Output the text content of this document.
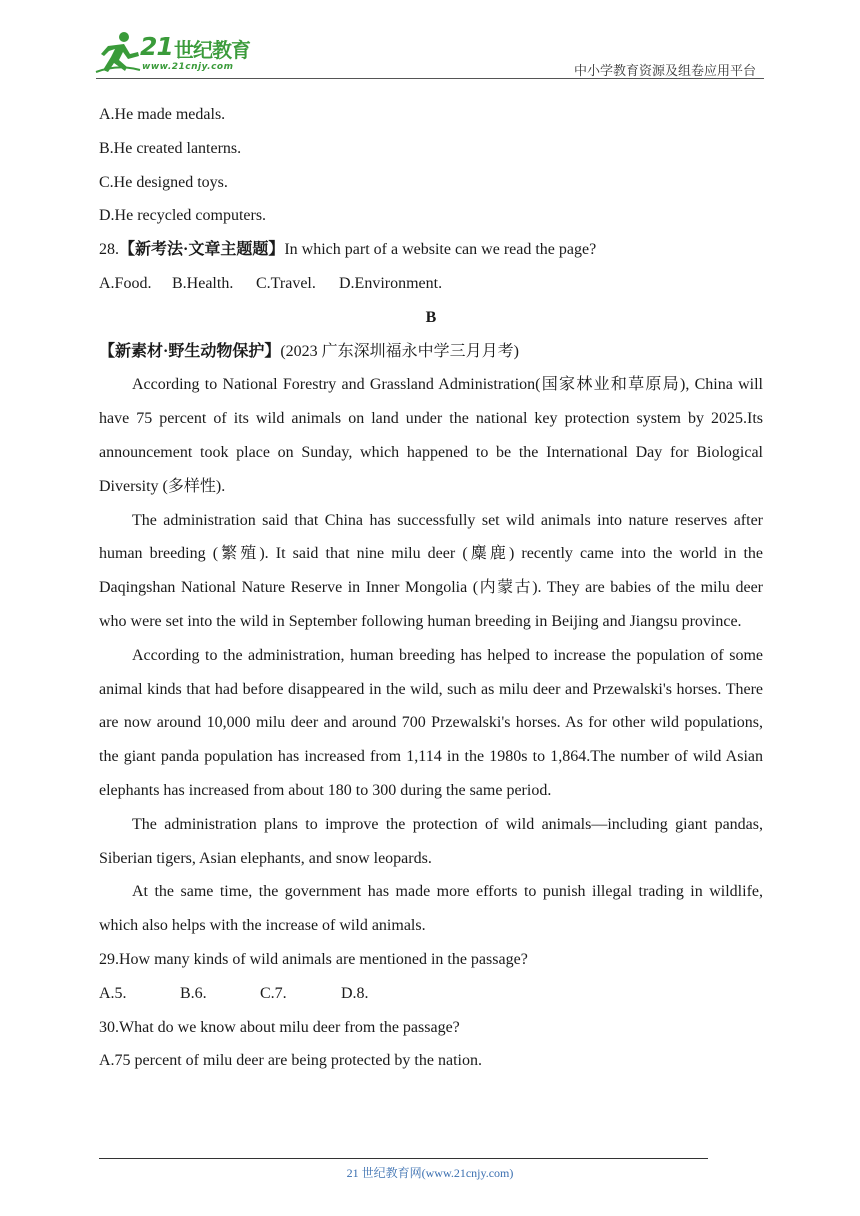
21 世纪教育
www.21cnjy.com	中小学教育资源及组卷应用平台

A.He made medals.

B.He created lanterns.

C.He designed toys.

D.He recycled computers.

28.【新考法·文章主题题】In which part of a website can we read the page?

A.Food. B.Health. C.Travel. D.Environment.

B

【新素材·野生动物保护】(2023 广东深圳福永中学三月月考)

According to National Forestry and Grassland Administration(国家林业和草原局), China will have 75 percent of its wild animals on land under the national key protection system by 2025.Its announcement took place on Sunday, which happened to be the International Day for Biological Diversity (多样性).

The administration said that China has successfully set wild animals into nature reserves after human breeding (繁殖). It said that nine milu deer (麋鹿) recently came into the world in the Daqingshan National Nature Reserve in Inner Mongolia (内蒙古). They are babies of the milu deer who were set into the wild in September following human breeding in Beijing and Jiangsu province.

According to the administration, human breeding has helped to increase the population of some animal kinds that had before disappeared in the wild, such as milu deer and Przewalski's horses. There are now around 10,000 milu deer and around 700 Przewalski's horses. As for other wild populations, the giant panda population has increased from 1,114 in the 1980s to 1,864.The number of wild Asian elephants has increased from about 180 to 300 during the same period.

The administration plans to improve the protection of wild animals—including giant pandas, Siberian tigers, Asian elephants, and snow leopards.

At the same time, the government has made more efforts to punish illegal trading in wildlife, which also helps with the increase of wild animals.

29.How many kinds of wild animals are mentioned in the passage?

A.5.	B.6.	C.7.	D.8.

30.What do we know about milu deer from the passage?

A.75 percent of milu deer are being protected by the nation.

21 世纪教育网(www.21cnjy.com)
